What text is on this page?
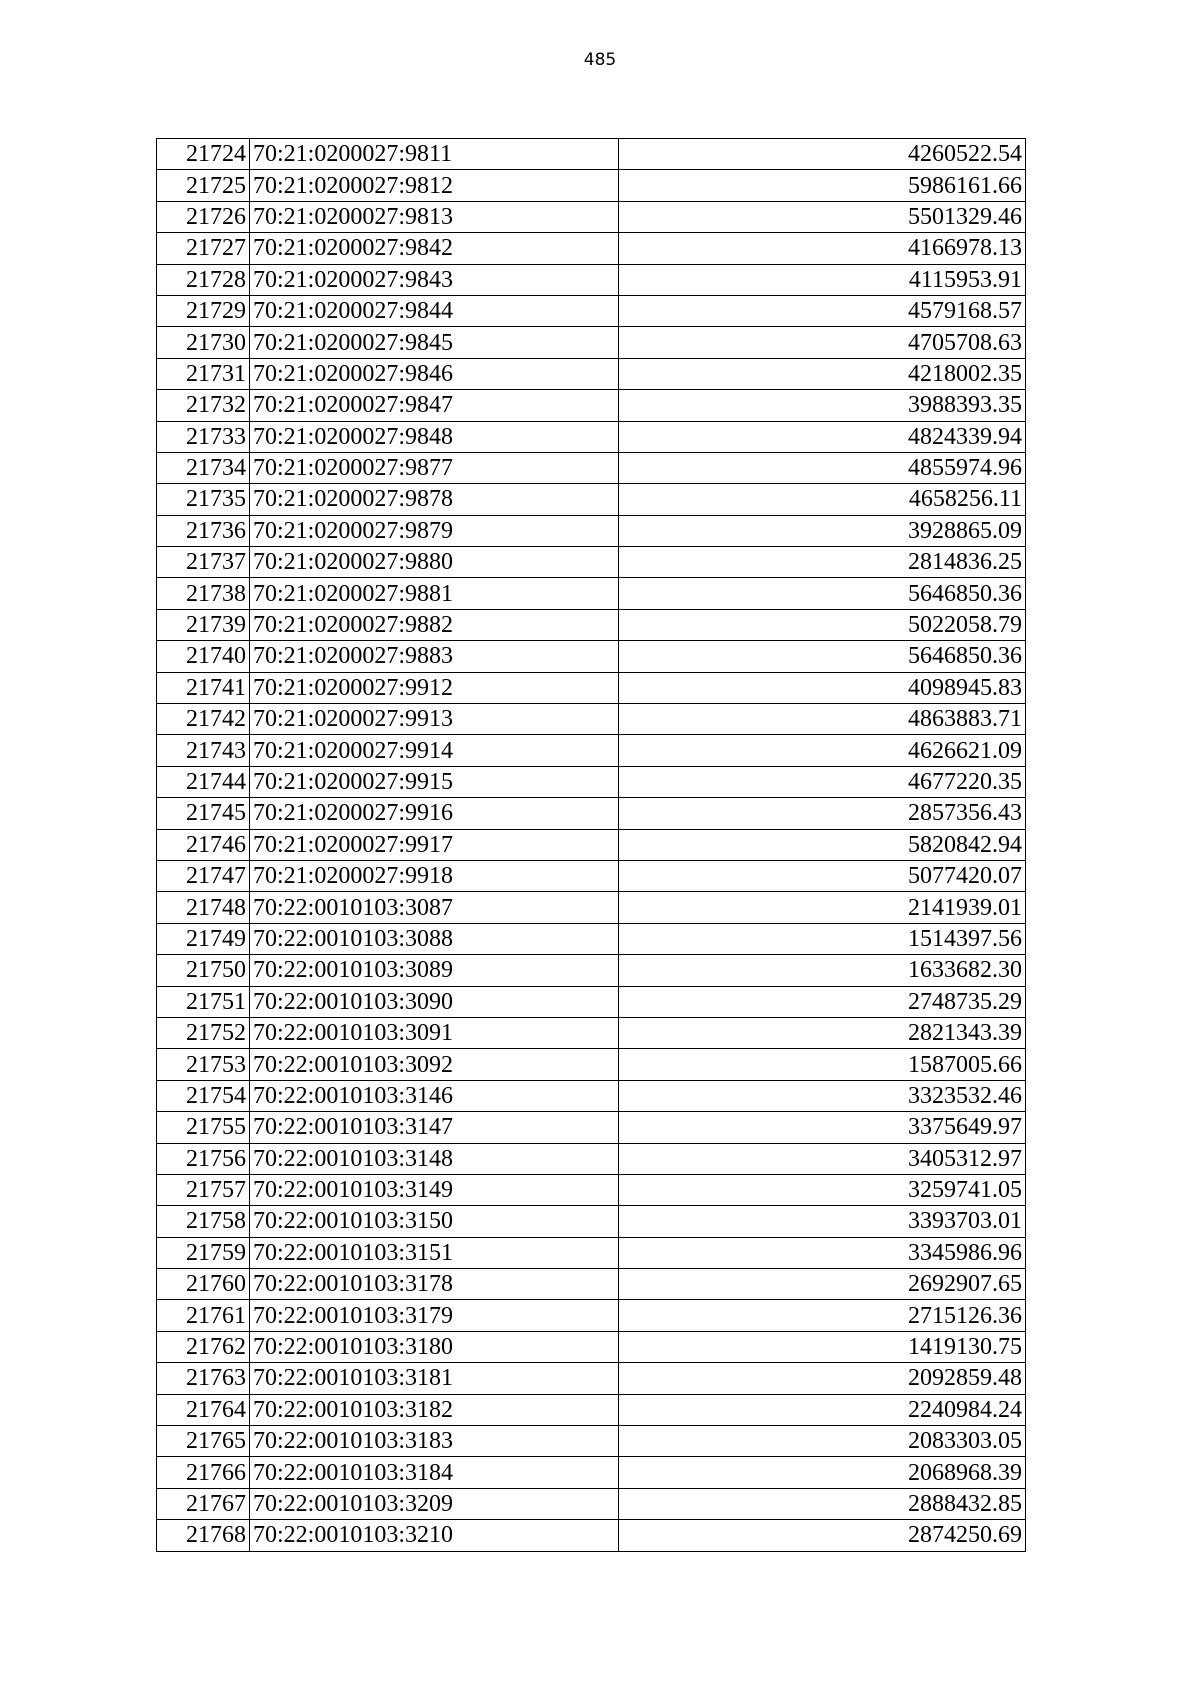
485
21724	70:21:0200027:9811	4260522.54
21725	70:21:0200027:9812	5986161.66
21726	70:21:0200027:9813	5501329.46
21727	70:21:0200027:9842	4166978.13
21728	70:21:0200027:9843	4115953.91
21729	70:21:0200027:9844	4579168.57
21730	70:21:0200027:9845	4705708.63
21731	70:21:0200027:9846	4218002.35
21732	70:21:0200027:9847	3988393.35
21733	70:21:0200027:9848	4824339.94
21734	70:21:0200027:9877	4855974.96
21735	70:21:0200027:9878	4658256.11
21736	70:21:0200027:9879	3928865.09
21737	70:21:0200027:9880	2814836.25
21738	70:21:0200027:9881	5646850.36
21739	70:21:0200027:9882	5022058.79
21740	70:21:0200027:9883	5646850.36
21741	70:21:0200027:9912	4098945.83
21742	70:21:0200027:9913	4863883.71
21743	70:21:0200027:9914	4626621.09
21744	70:21:0200027:9915	4677220.35
21745	70:21:0200027:9916	2857356.43
21746	70:21:0200027:9917	5820842.94
21747	70:21:0200027:9918	5077420.07
21748	70:22:0010103:3087	2141939.01
21749	70:22:0010103:3088	1514397.56
21750	70:22:0010103:3089	1633682.30
21751	70:22:0010103:3090	2748735.29
21752	70:22:0010103:3091	2821343.39
21753	70:22:0010103:3092	1587005.66
21754	70:22:0010103:3146	3323532.46
21755	70:22:0010103:3147	3375649.97
21756	70:22:0010103:3148	3405312.97
21757	70:22:0010103:3149	3259741.05
21758	70:22:0010103:3150	3393703.01
21759	70:22:0010103:3151	3345986.96
21760	70:22:0010103:3178	2692907.65
21761	70:22:0010103:3179	2715126.36
21762	70:22:0010103:3180	1419130.75
21763	70:22:0010103:3181	2092859.48
21764	70:22:0010103:3182	2240984.24
21765	70:22:0010103:3183	2083303.05
21766	70:22:0010103:3184	2068968.39
21767	70:22:0010103:3209	2888432.85
21768	70:22:0010103:3210	2874250.69
